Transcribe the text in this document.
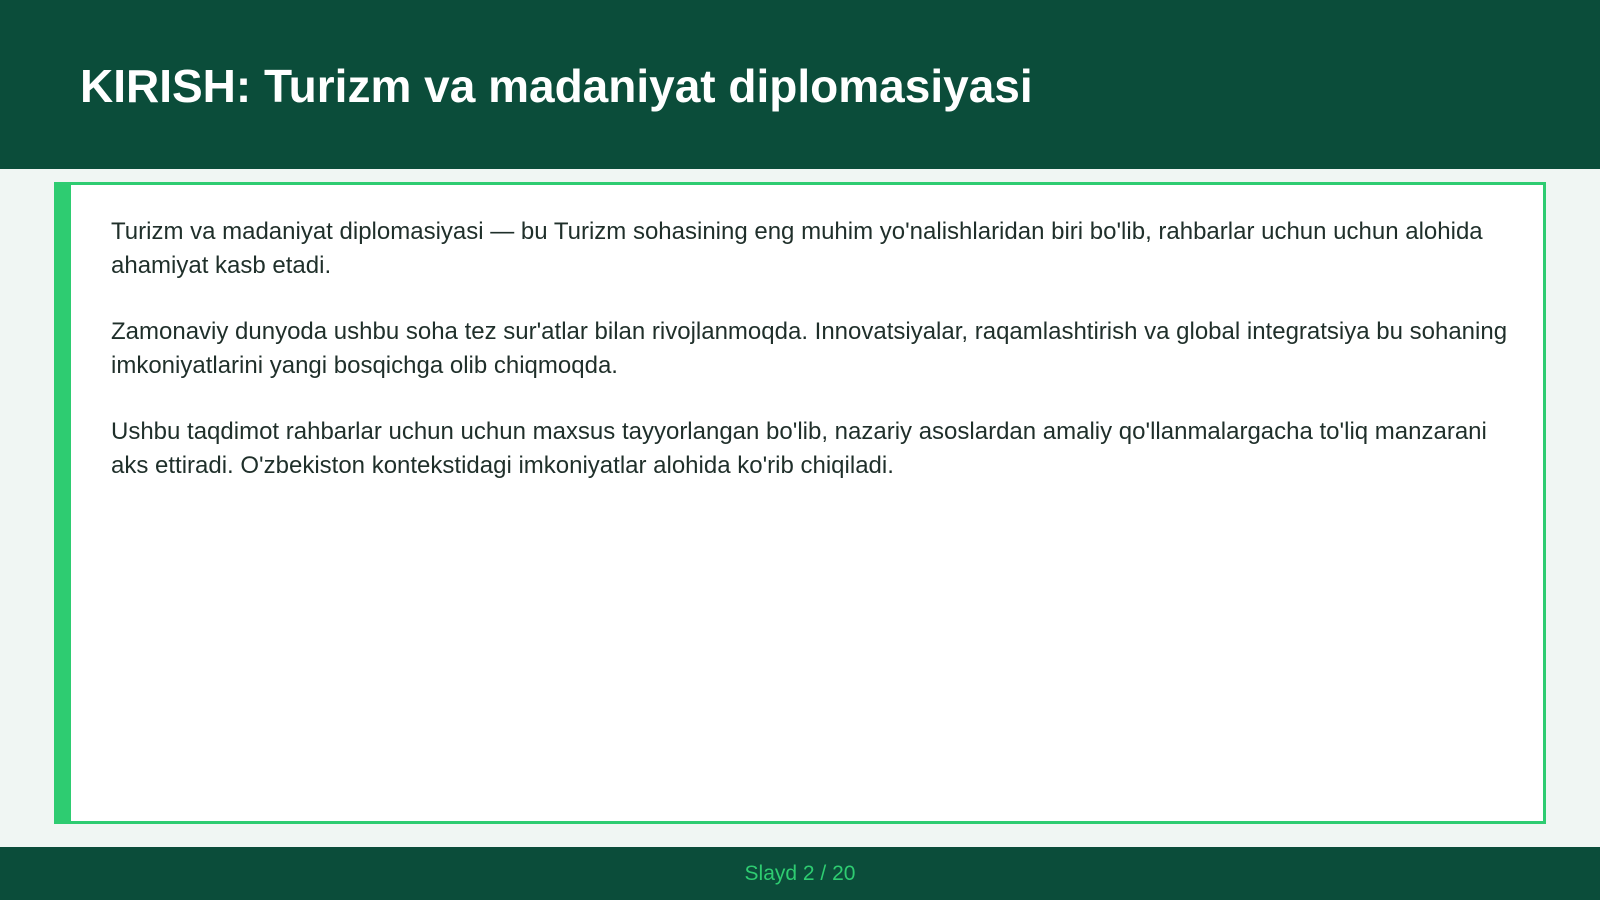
KIRISH: Turizm va madaniyat diplomasiyasi

Turizm va madaniyat diplomasiyasi — bu Turizm sohasining eng muhim yo'nalishlaridan biri bo'lib, rahbarlar uchun uchun alohida ahamiyat kasb etadi.

Zamonaviy dunyoda ushbu soha tez sur'atlar bilan rivojlanmoqda. Innovatsiyalar, raqamlashtirish va global integratsiya bu sohaning imkoniyatlarini yangi bosqichga olib chiqmoqda.

Ushbu taqdimot rahbarlar uchun uchun maxsus tayyorlangan bo'lib, nazariy asoslardan amaliy qo'llanmalargacha to'liq manzarani aks ettiradi. O'zbekiston kontekstidagi imkoniyatlar alohida ko'rib chiqiladi.

Slayd 2 / 20
